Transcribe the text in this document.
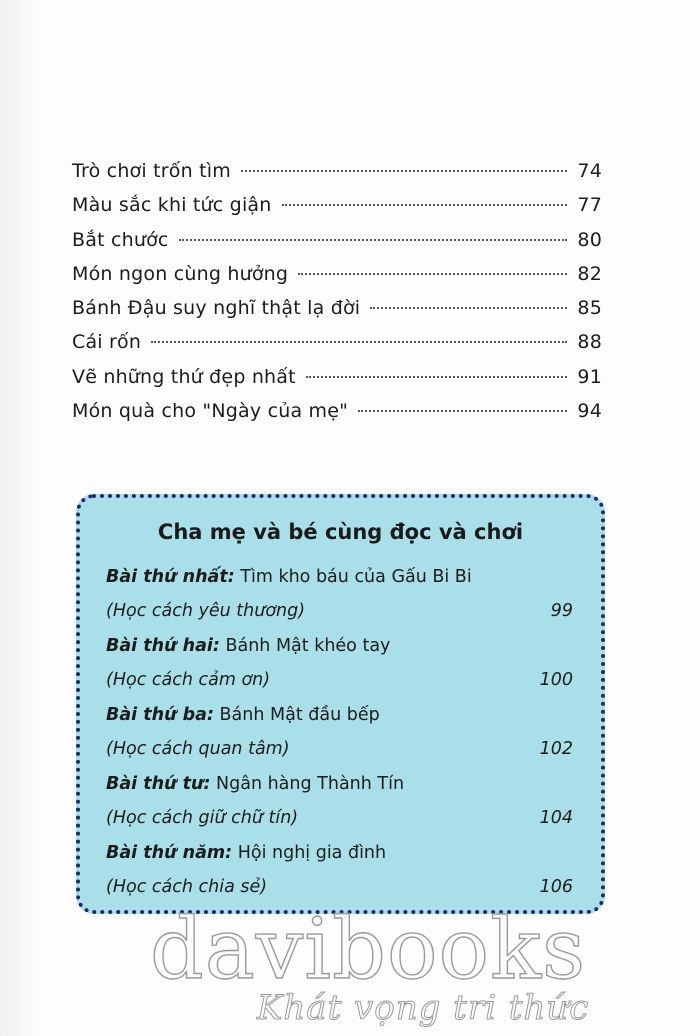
Trò chơi trốn tìm	74
Màu sắc khi tức giận	77
Bắt chước	80
Món ngon cùng hưởng	82
Bánh Đậu suy nghĩ thật lạ đời	85
Cái rốn	88
Vẽ những thứ đẹp nhất	91
Món quà cho "Ngày của mẹ"	94
Cha mẹ và bé cùng đọc và chơi
Bài thứ nhất: Tìm kho báu của Gấu Bi Bi
(Học cách yêu thương)	99
Bài thứ hai: Bánh Mật khéo tay
(Học cách cảm ơn)	100
Bài thứ ba: Bánh Mật đầu bếp
(Học cách quan tâm)	102
Bài thứ tư: Ngân hàng Thành Tín
(Học cách giữ chữ tín)	104
Bài thứ năm: Hội nghị gia đình
(Học cách chia sẻ)	106
davibooks
Khát vọng tri thức
